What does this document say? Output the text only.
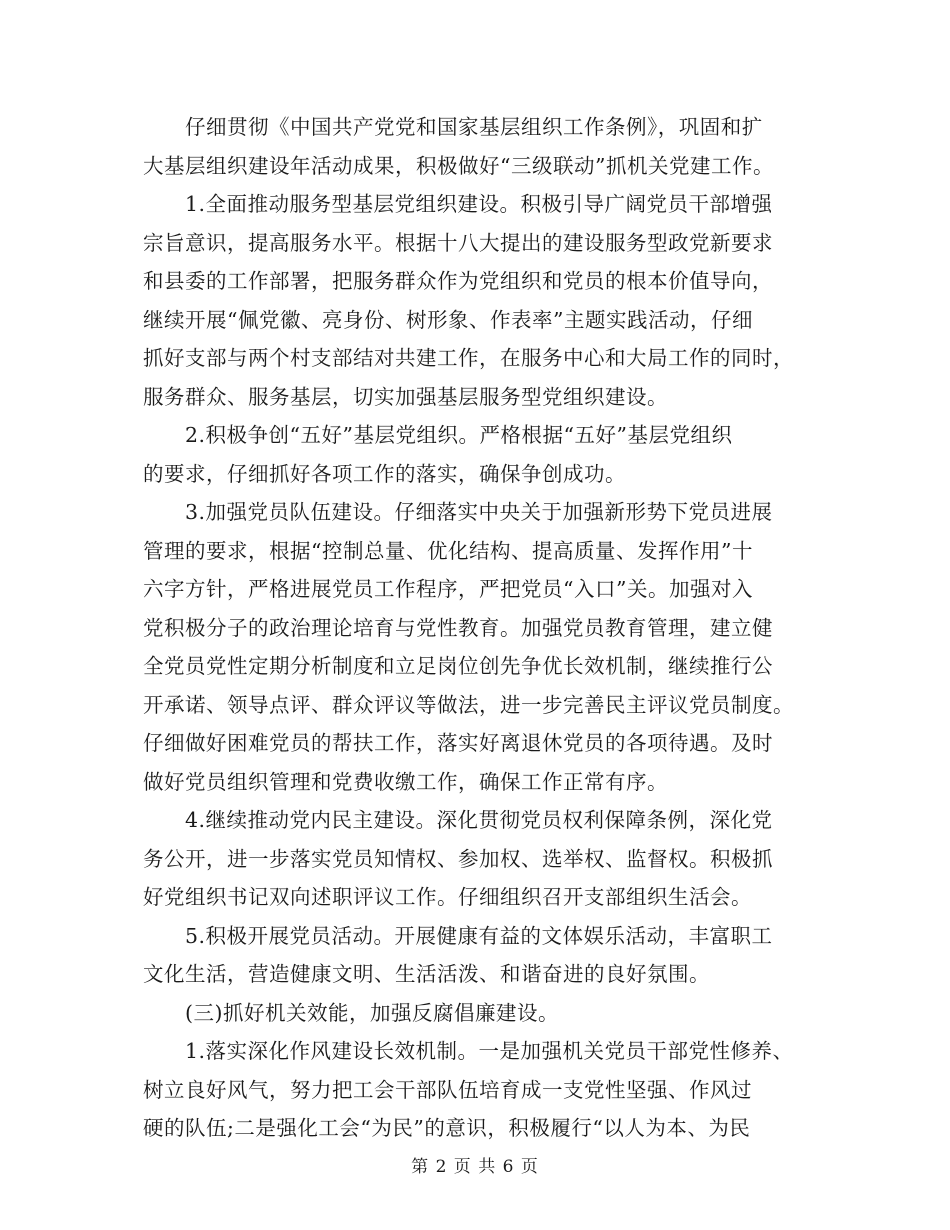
　　仔细贯彻《中国共产党党和国家基层组织工作条例》，巩固和扩
大基层组织建设年活动成果，积极做好“三级联动”抓机关党建工作。

　　1.全面推动服务型基层党组织建设。积极引导广阔党员干部增强
宗旨意识，提高服务水平。根据十八大提出的建设服务型政党新要求
和县委的工作部署，把服务群众作为党组织和党员的根本价值导向，
继续开展“佩党徽、亮身份、树形象、作表率”主题实践活动，仔细
抓好支部与两个村支部结对共建工作，在服务中心和大局工作的同时，
服务群众、服务基层，切实加强基层服务型党组织建设。

　　2.积极争创“五好”基层党组织。严格根据“五好”基层党组织
的要求，仔细抓好各项工作的落实，确保争创成功。

　　3.加强党员队伍建设。仔细落实中央关于加强新形势下党员进展
管理的要求，根据“控制总量、优化结构、提高质量、发挥作用”十
六字方针，严格进展党员工作程序，严把党员“入口”关。加强对入
党积极分子的政治理论培育与党性教育。加强党员教育管理，建立健
全党员党性定期分析制度和立足岗位创先争优长效机制，继续推行公
开承诺、领导点评、群众评议等做法，进一步完善民主评议党员制度。
仔细做好困难党员的帮扶工作，落实好离退休党员的各项待遇。及时
做好党员组织管理和党费收缴工作，确保工作正常有序。

　　4.继续推动党内民主建设。深化贯彻党员权利保障条例，深化党
务公开，进一步落实党员知情权、参加权、选举权、监督权。积极抓
好党组织书记双向述职评议工作。仔细组织召开支部组织生活会。

　　5.积极开展党员活动。开展健康有益的文体娱乐活动，丰富职工
文化生活，营造健康文明、生活活泼、和谐奋进的良好氛围。

　　(三)抓好机关效能，加强反腐倡廉建设。

　　1.落实深化作风建设长效机制。一是加强机关党员干部党性修养、
树立良好风气，努力把工会干部队伍培育成一支党性坚强、作风过
硬的队伍;二是强化工会“为民”的意识，积极履行“以人为本、为民

第 2 页 共 6 页
